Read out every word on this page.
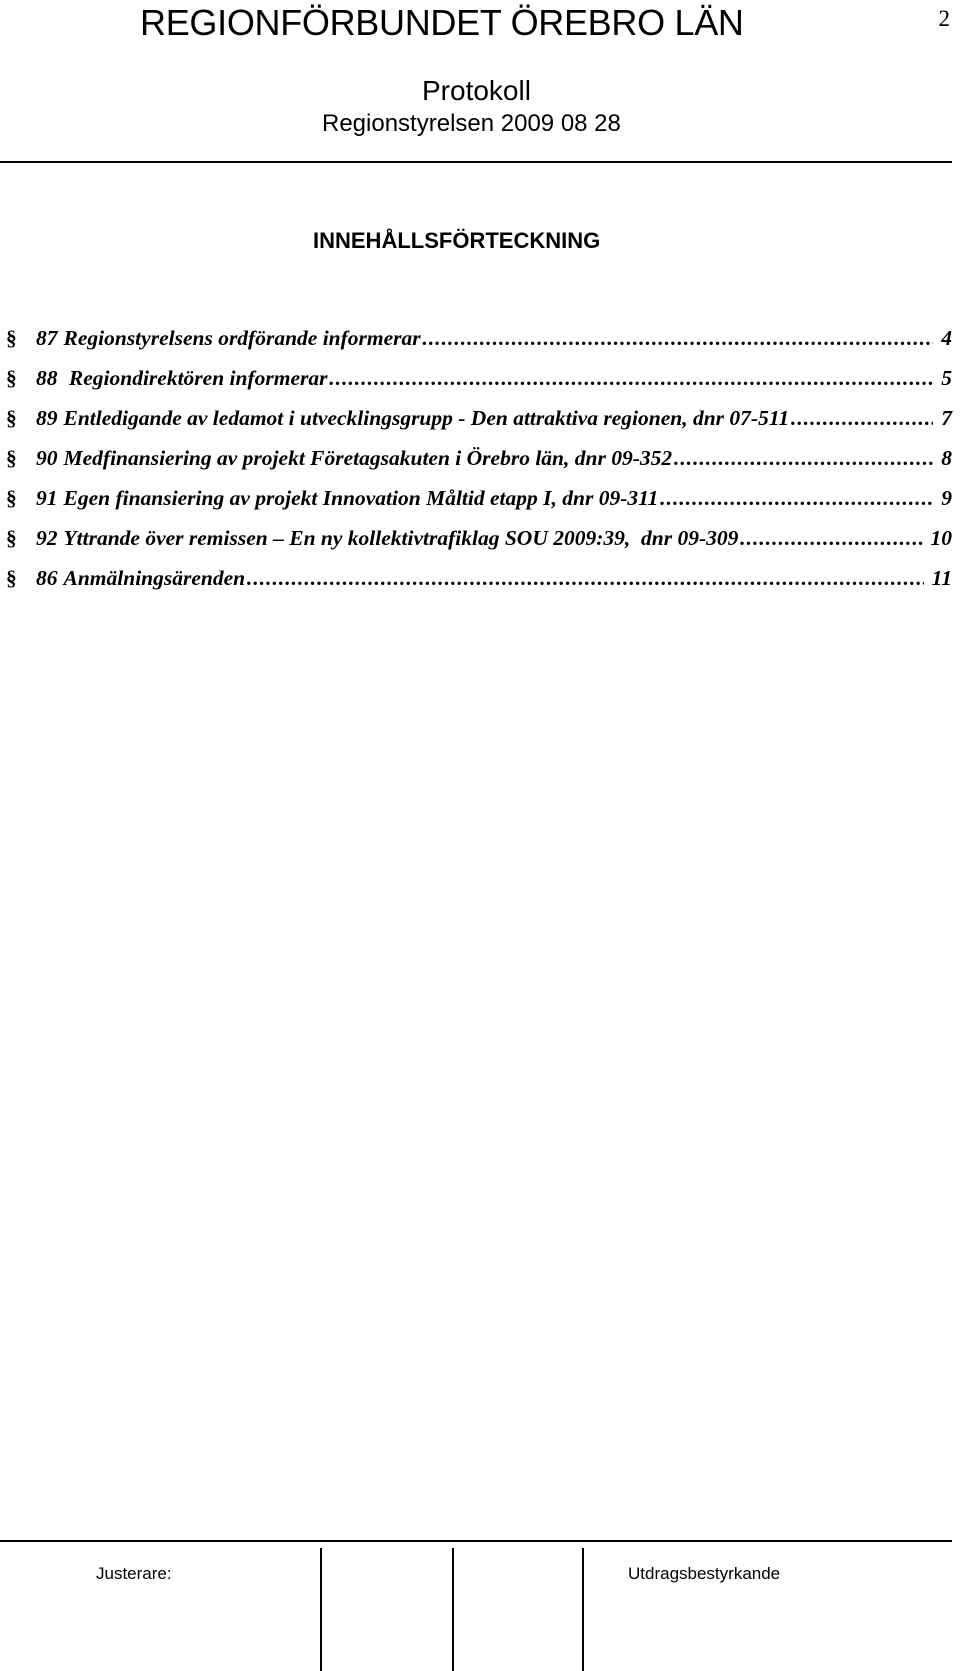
REGIONFÖRBUNDET ÖREBRO LÄN	2
Protokoll
Regionstyrelsen 2009 08 28
INNEHÅLLSFÖRTECKNING
§ 87 Regionstyrelsens ordförande informerar .....	4
§ 88 Regiondirektören informerar .....	5
§ 89 Entledigande av ledamot i utvecklingsgrupp - Den attraktiva regionen, dnr 07-511 .....	7
§ 90 Medfinansiering av projekt Företagsakuten i Örebro län, dnr 09-352 .....	8
§ 91 Egen finansiering av projekt Innovation Måltid etapp I, dnr 09-311 .....	9
§ 92 Yttrande över remissen – En ny kollektivtrafiklag SOU 2009:39,  dnr 09-309 .....	10
§ 86 Anmälningsärenden .....	11
Justerare:	Utdragsbestyrkande
